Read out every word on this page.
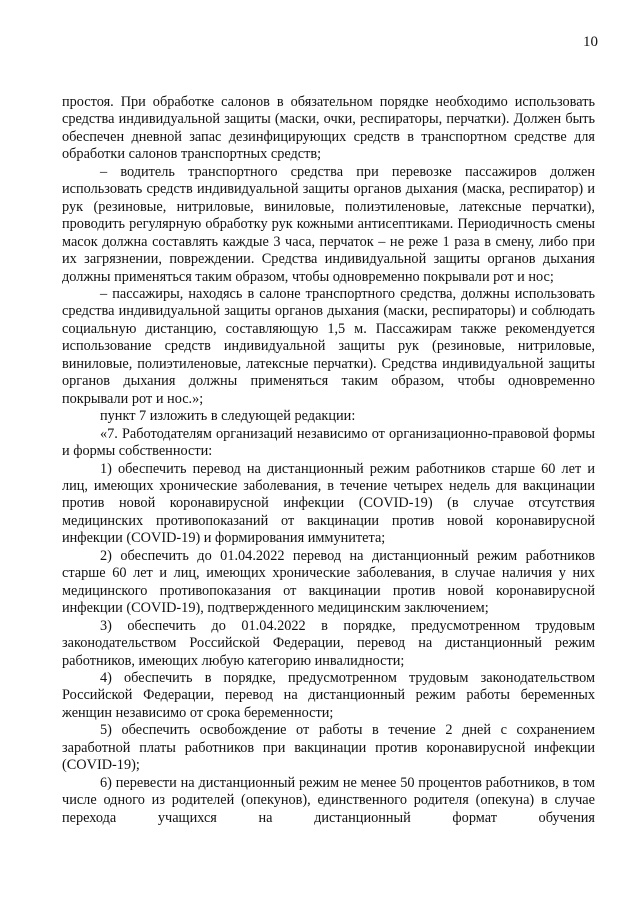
10

простоя. При обработке салонов в обязательном порядке необходимо использовать средства индивидуальной защиты (маски, очки, респираторы, перчатки). Должен быть обеспечен дневной запас дезинфицирующих средств в транспортном средстве для обработки салонов транспортных средств;

– водитель транспортного средства при перевозке пассажиров должен использовать средств индивидуальной защиты органов дыхания (маска, респиратор) и рук (резиновые, нитриловые, виниловые, полиэтиленовые, латексные перчатки), проводить регулярную обработку рук кожными антисептиками. Периодичность смены масок должна составлять каждые 3 часа, перчаток – не реже 1 раза в смену, либо при их загрязнении, повреждении. Средства индивидуальной защиты органов дыхания должны применяться таким образом, чтобы одновременно покрывали рот и нос;

– пассажиры, находясь в салоне транспортного средства, должны использовать средства индивидуальной защиты органов дыхания (маски, респираторы) и соблюдать социальную дистанцию, составляющую 1,5 м. Пассажирам также рекомендуется использование средств индивидуальной защиты рук (резиновые, нитриловые, виниловые, полиэтиленовые, латексные перчатки). Средства индивидуальной защиты органов дыхания должны применяться таким образом, чтобы одновременно покрывали рот и нос.»;

пункт 7 изложить в следующей редакции:

«7. Работодателям организаций независимо от организационно-правовой формы и формы собственности:

1) обеспечить перевод на дистанционный режим работников старше 60 лет и лиц, имеющих хронические заболевания, в течение четырех недель для вакцинации против новой коронавирусной инфекции (COVID-19) (в случае отсутствия медицинских противопоказаний от вакцинации против новой коронавирусной инфекции (COVID-19) и формирования иммунитета;

2) обеспечить до 01.04.2022 перевод на дистанционный режим работников старше 60 лет и лиц, имеющих хронические заболевания, в случае наличия у них медицинского противопоказания от вакцинации против новой коронавирусной инфекции (COVID-19), подтвержденного медицинским заключением;

3) обеспечить до 01.04.2022 в порядке, предусмотренном трудовым законодательством Российской Федерации, перевод на дистанционный режим работников, имеющих любую категорию инвалидности;

4) обеспечить в порядке, предусмотренном трудовым законодательством Российской Федерации, перевод на дистанционный режим работы беременных женщин независимо от срока беременности;

5) обеспечить освобождение от работы в течение 2 дней с сохранением заработной платы работников при вакцинации против коронавирусной инфекции (COVID-19);

6) перевести на дистанционный режим не менее 50 процентов работников, в том числе одного из родителей (опекунов), единственного родителя (опекуна) в случае перехода учащихся на дистанционный формат обучения
